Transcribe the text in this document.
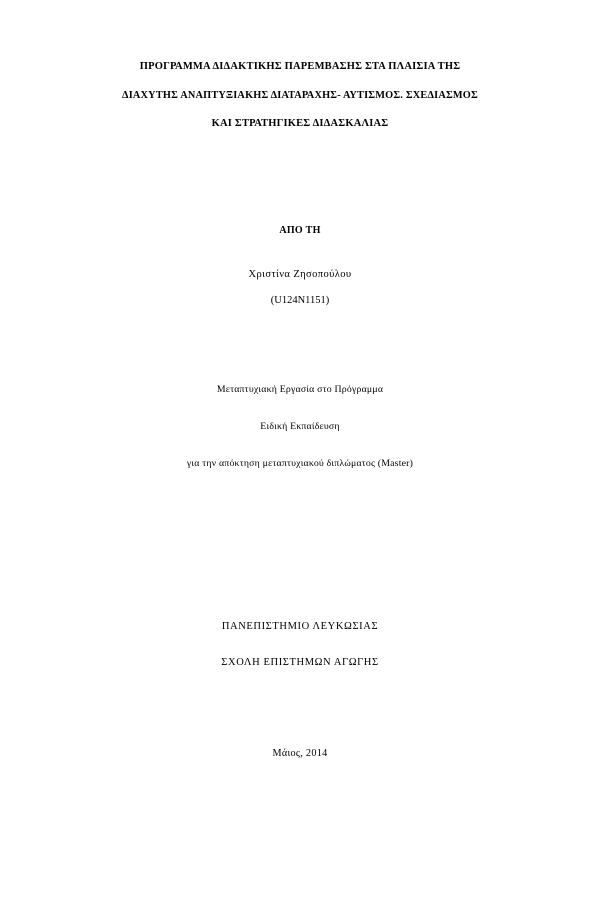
ΠΡΟΓΡΑΜΜΑ ΔΙΔΑΚΤΙΚΗΣ ΠΑΡΕΜΒΑΣΗΣ ΣΤΑ ΠΛΑΙΣΙΑ ΤΗΣ
ΔΙΑΧΥΤΗΣ ΑΝΑΠΤΥΞΙΑΚΗΣ ΔΙΑΤΑΡΑΧΗΣ- ΑΥΤΙΣΜΟΣ. ΣΧΕΔΙΑΣΜΟΣ
ΚΑΙ ΣΤΡΑΤΗΓΙΚΕΣ ΔΙΔΑΣΚΑΛΙΑΣ
ΑΠΟ ΤΗ
Χριστίνα Ζησοπούλου
(U124N1151)
Μεταπτυχιακή Εργασία στο Πρόγραμμα
Ειδική Εκπαίδευση
για την απόκτηση μεταπτυχιακού διπλώματος (Master)
ΠΑΝΕΠΙΣΤΗΜΙΟ ΛΕΥΚΩΣΙΑΣ
ΣΧΟΛΗ ΕΠΙΣΤΗΜΩΝ ΑΓΩΓΗΣ
Μάιος, 2014
